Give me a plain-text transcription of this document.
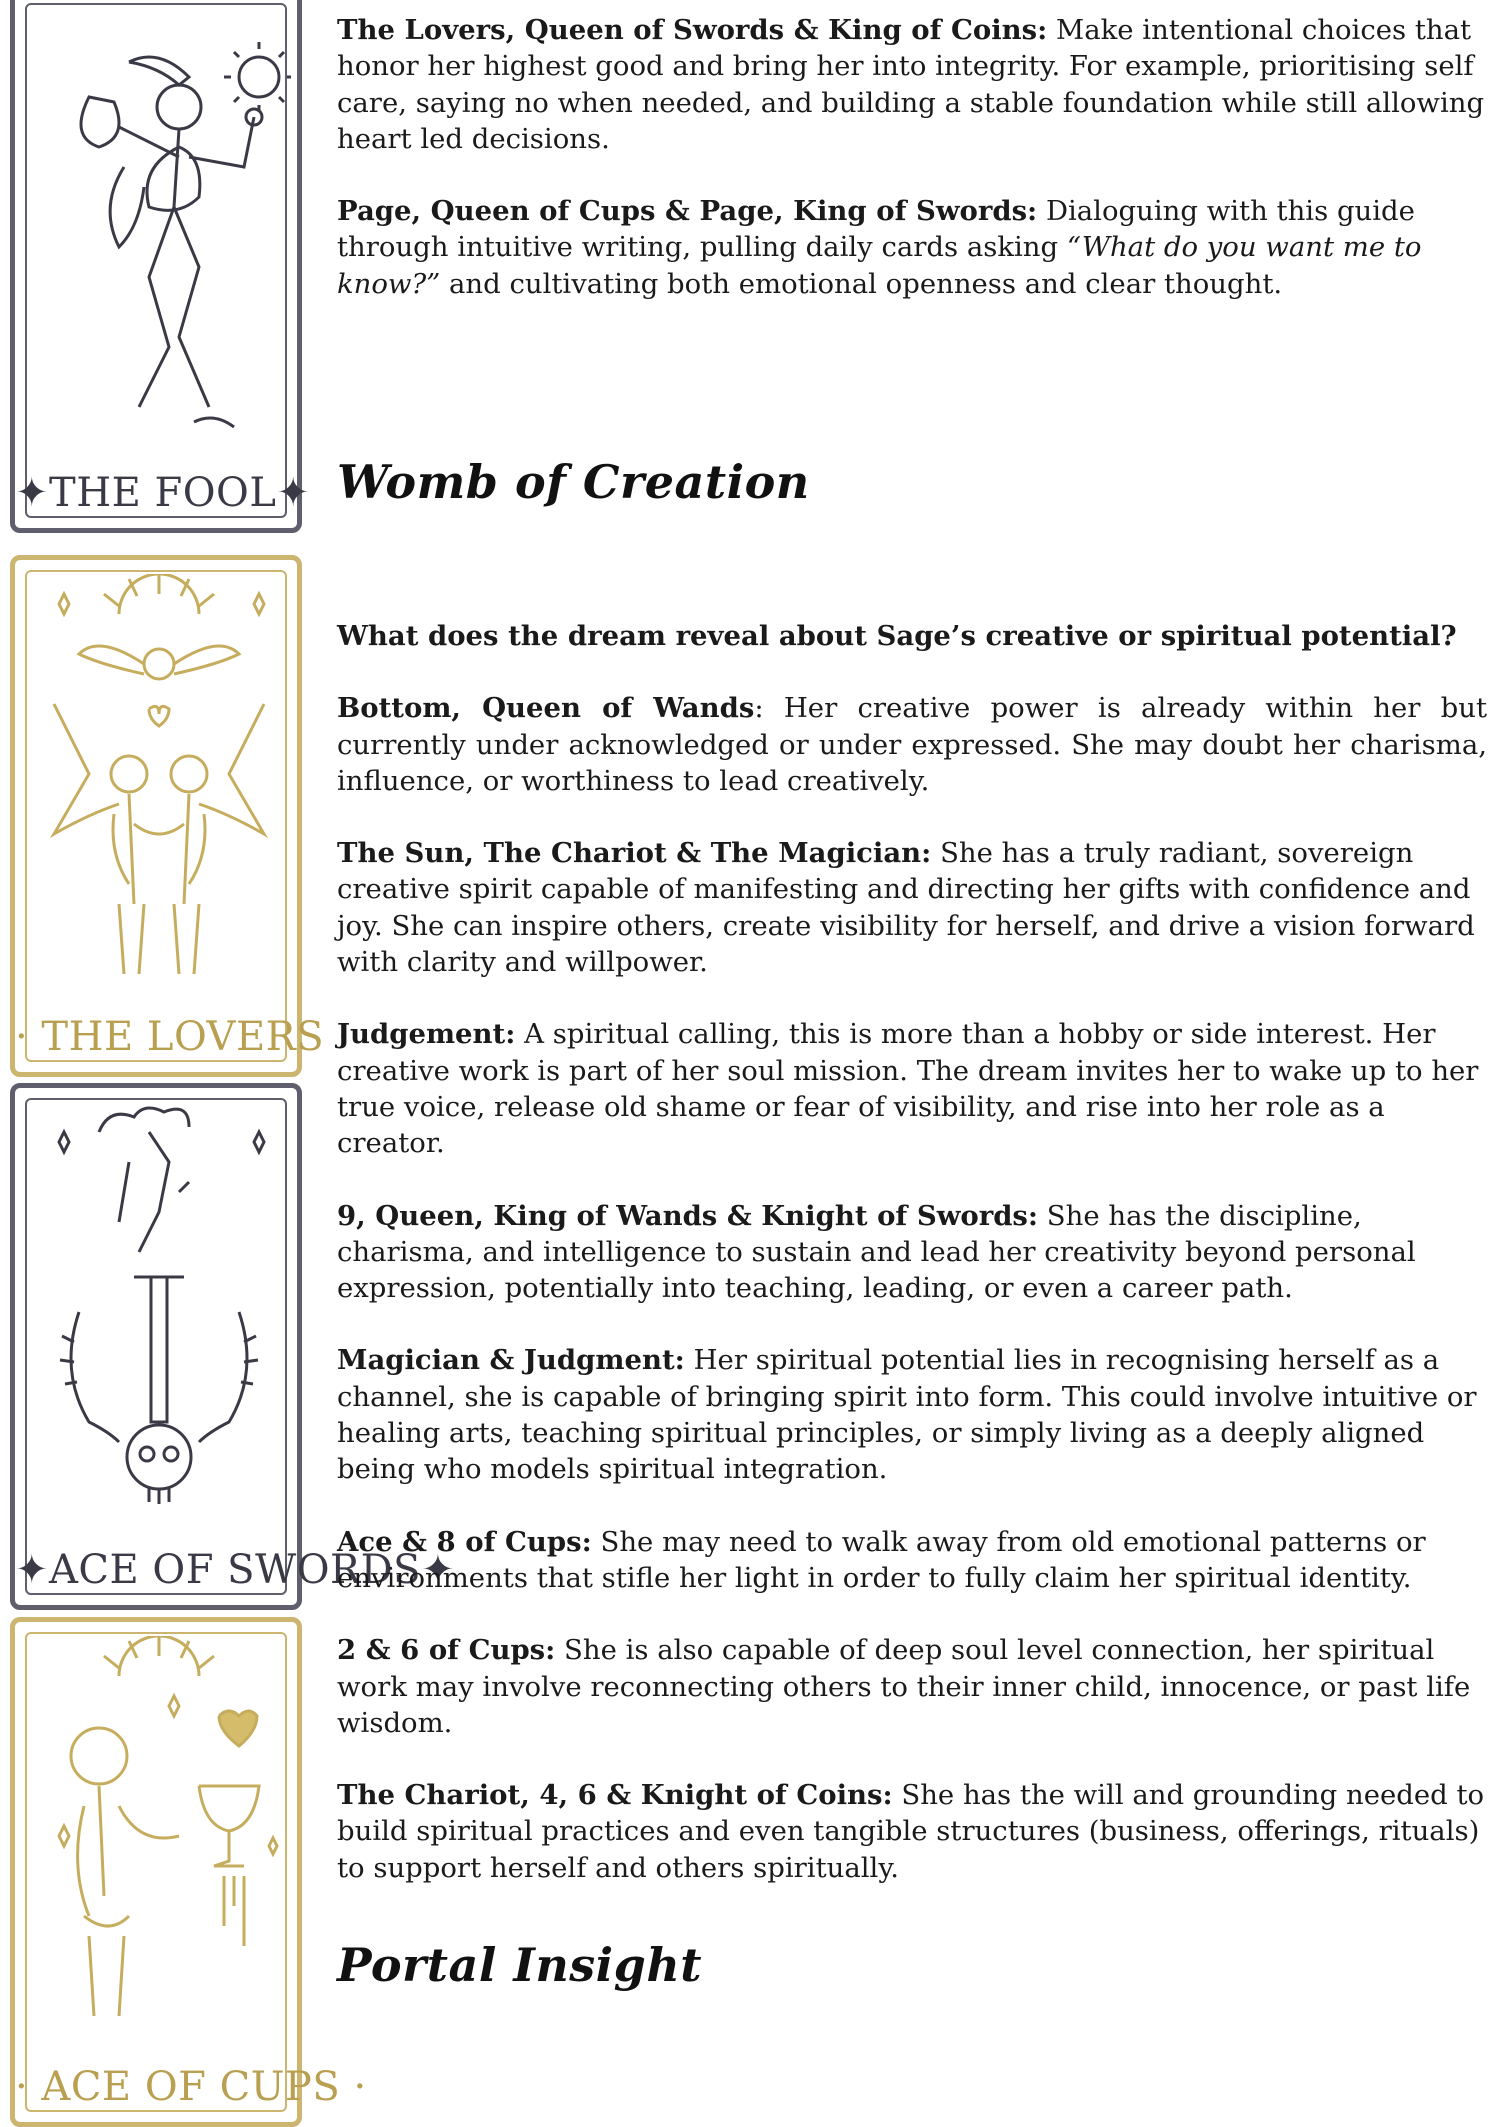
✦THE FOOL✦
· THE LOVERS ·
✦ACE OF SWORDS✦
· ACE OF CUPS ·

The Lovers, Queen of Swords & King of Coins: Make intentional choices that honor her highest good and bring her into integrity. For example, prioritising self care, saying no when needed, and building a stable foundation while still allowing heart led decisions.

Page, Queen of Cups & Page, King of Swords: Dialoguing with this guide through intuitive writing, pulling daily cards asking “What do you want me to know?” and cultivating both emotional openness and clear thought.

Womb of Creation

What does the dream reveal about Sage’s creative or spiritual potential?

Bottom, Queen of Wands: Her creative power is already within her but currently under acknowledged or under expressed. She may doubt her charisma, influence, or worthiness to lead creatively.

The Sun, The Chariot & The Magician: She has a truly radiant, sovereign creative spirit capable of manifesting and directing her gifts with confidence and joy. She can inspire others, create visibility for herself, and drive a vision forward with clarity and willpower.

Judgement: A spiritual calling, this is more than a hobby or side interest. Her creative work is part of her soul mission. The dream invites her to wake up to her true voice, release old shame or fear of visibility, and rise into her role as a creator.

9, Queen, King of Wands & Knight of Swords: She has the discipline, charisma, and intelligence to sustain and lead her creativity beyond personal expression, potentially into teaching, leading, or even a career path.

Magician & Judgment: Her spiritual potential lies in recognising herself as a channel, she is capable of bringing spirit into form. This could involve intuitive or healing arts, teaching spiritual principles, or simply living as a deeply aligned being who models spiritual integration.

Ace & 8 of Cups: She may need to walk away from old emotional patterns or environments that stifle her light in order to fully claim her spiritual identity.

2 & 6 of Cups: She is also capable of deep soul level connection, her spiritual work may involve reconnecting others to their inner child, innocence, or past life wisdom.

The Chariot, 4, 6 & Knight of Coins: She has the will and grounding needed to build spiritual practices and even tangible structures (business, offerings, rituals) to support herself and others spiritually.

Portal Insight
